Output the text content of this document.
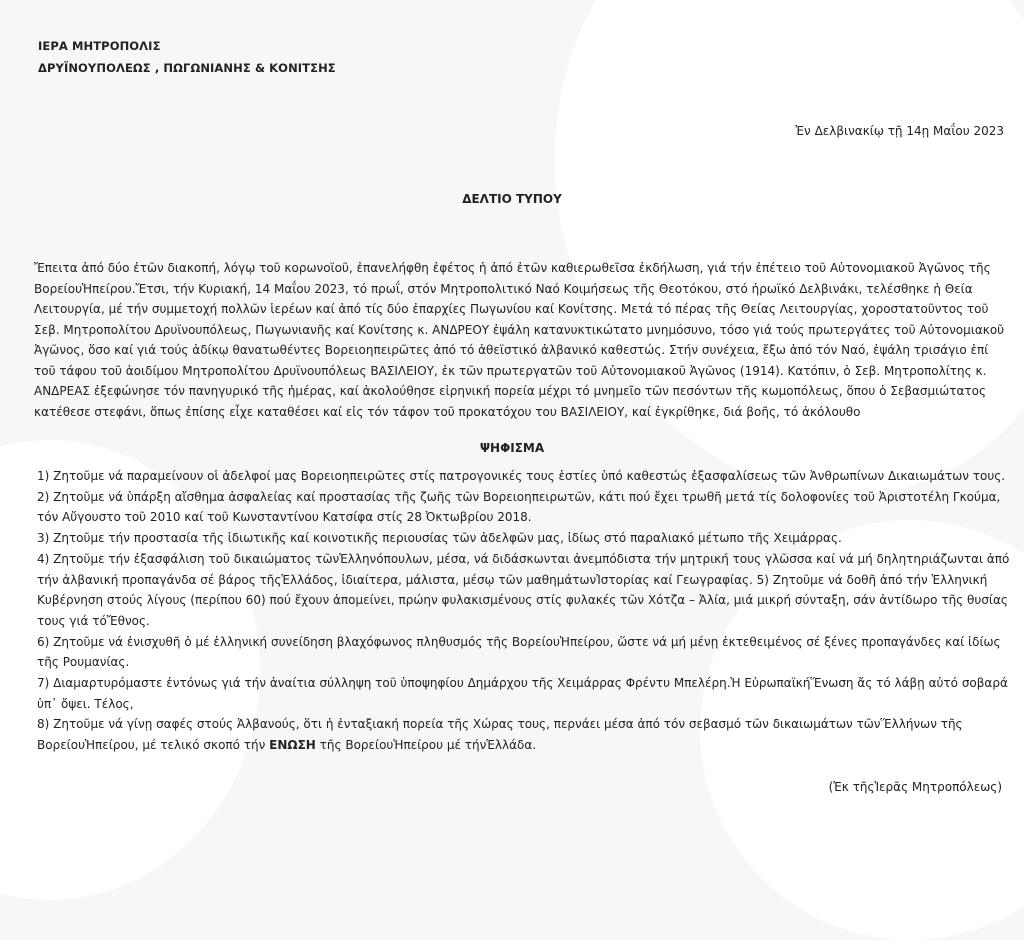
ΙΕΡΑ ΜΗΤΡΟΠΟΛΙΣ
ΔΡΥΪΝΟΥΠΟΛΕΩΣ , ΠΩΓΩΝΙΑΝΗΣ & ΚΟΝΙΤΣΗΣ
Ἐν Δελβινακίῳ τῇ 14ῃ Μαΐου 2023
ΔΕΛΤΙΟ ΤΥΠΟΥ
Ἔπειτα ἀπό δύο ἐτῶν διακοπή, λόγῳ τοῦ κορωνοϊοῦ, ἐπανελήφθη ἐφέτος ἡ ἀπό ἐτῶν καθιερωθεῖσα ἐκδήλωση, γιά τήν ἐπέτειο τοῦ Αὐτονομιακοῦ Ἀγῶνος τῆς ΒορείουἩπείρου.Ἔτσι, τήν Κυριακή, 14 Μαΐου 2023, τό πρωΐ, στόν Μητροπολιτικό Ναό Κοιμήσεως τῆς Θεοτόκου, στό ἡρωϊκό Δελβινάκι, τελέσθηκε ἡ Θεία Λειτουργία, μέ τήν συμμετοχή πολλῶν ἱερέων καί ἀπό τίς δύο ἐπαρχίες Πωγωνίου καί Κονίτσης. Μετά τό πέρας τῆς Θείας Λειτουργίας, χοροστατοῦντος τοῦ Σεβ. Μητροπολίτου Δρυϊνουπόλεως, Πωγωνιανῆς καί Κονίτσης κ. ΑΝΔΡΕΟΥ ἐψάλη κατανυκτικώτατο μνημόσυνο, τόσο γιά τούς πρωτεργάτες τοῦ Αὐτονομιακοῦ Ἀγῶνος, ὅσο καί γιά τούς ἀδίκῳ θανατωθέντες Βορειοηπειρῶτες ἀπό τό ἀθεϊστικό ἀλβανικό καθεστώς. Στήν συνέχεια, ἔξω ἀπό τόν Ναό, ἐψάλη τρισάγιο ἐπί τοῦ τάφου τοῦ ἀοιδίμου Μητροπολίτου Δρυϊνουπόλεως ΒΑΣΙΛΕΙΟΥ, ἐκ τῶν πρωτεργατῶν τοῦ Αὐτονομιακοῦ Ἀγῶνος (1914). Κατόπιν, ὁ Σεβ. Μητροπολίτης κ. ΑΝΔΡΕΑΣ ἐξεφώνησε τόν πανηγυρικό τῆς ἡμέρας, καί ἀκολούθησε εἰρηνική πορεία μέχρι τό μνημεῖο τῶν πεσόντων τῆς κωμοπόλεως, ὅπου ὁ Σεβασμιώτατος κατέθεσε στεφάνι, ὅπως ἐπίσης εἶχε καταθέσει καί εἰς τόν τάφον τοῦ προκατόχου του ΒΑΣΙΛΕΙΟΥ, καί ἐγκρίθηκε, διά βοῆς, τό ἀκόλουθο
ΨΗΦΙΣΜΑ

1) Ζητοῦμε νά παραμείνουν οἱ ἀδελφοί μας Βορειοηπειρῶτες στίς πατρογονικές τους ἑστίες ὑπό καθεστώς ἐξασφαλίσεως τῶν Ἀνθρωπίνων Δικαιωμάτων τους.

2) Ζητοῦμε νά ὑπάρξη αἴσθημα ἀσφαλείας καί προστασίας τῆς ζωῆς τῶν Βορειοηπειρωτῶν, κάτι πού ἔχει τρωθῆ μετά τίς δολοφονίες τοῦ Ἀριστοτέλη Γκούμα, τόν Αὔγουστο τοῦ 2010 καί τοῦ Κωνσταντίνου Κατσίφα στίς 28 Ὀκτωβρίου 2018.

3) Ζητοῦμε τήν προστασία τῆς ἰδιωτικῆς καί κοινοτικῆς περιουσίας τῶν ἀδελφῶν μας, ἰδίως στό παραλιακό μέτωπο τῆς Χειμάρρας.

4) Ζητοῦμε τήν ἐξασφάλιση τοῦ δικαιώματος τῶνἙλληνόπουλων, μέσα, νά διδάσκωνται ἀνεμπόδιστα τήν μητρική τους γλῶσσα καί νά μή δηλητηριάζωνται ἀπό τήν ἀλβανική προπαγάνδα σέ βάρος τῆςἙλλάδος, ἰδιαίτερα, μάλιστα, μέσῳ τῶν μαθημάτωνἸστορίας καί Γεωγραφίας. 5) Ζητοῦμε νά δοθῆ ἀπό τήν Ἑλληνική Κυβέρνηση στούς λίγους (περίπου 60) πού ἔχουν ἀπομείνει, πρώην φυλακισμένους στίς φυλακές τῶν Χότζα – Ἀλία, μιά μικρή σύνταξη, σάν ἀντίδωρο τῆς θυσίας τους γιά τόἜθνος.

6) Ζητοῦμε νά ἐνισχυθῆ ὁ μέ ἑλληνική συνείδηση βλαχόφωνος πληθυσμός τῆς ΒορείουἩπείρου, ὥστε νά μή μένῃ ἐκτεθειμένος σέ ξένες προπαγάνδες καί ἰδίως τῆς Ρουμανίας.

7) Διαμαρτυρόμαστε ἐντόνως γιά τήν ἀναίτια σύλληψη τοῦ ὑποψηφίου Δημάρχου τῆς Χειμάρρας Φρέντυ Μπελέρη.Ἡ ΕὐρωπαϊκήἝνωση ἄς τό λάβῃ αὐτό σοβαρά ὑπ᾽ ὄψει. Τέλος,

8) Ζητοῦμε νά γίνῃ σαφές στούς Ἀλβανούς, ὅτι ἡ ἐνταξιακή πορεία τῆς Χώρας τους, περνάει μέσα ἀπό τόν σεβασμό τῶν δικαιωμάτων τῶνἝλλήνων τῆς ΒορείουἩπείρου, μέ τελικό σκοπό τήν ΕΝΩΣΗ τῆς ΒορείουἩπείρου μέ τήνἙλλάδα.

(Ἐκ τῆςἹερᾶς Μητροπόλεως)
